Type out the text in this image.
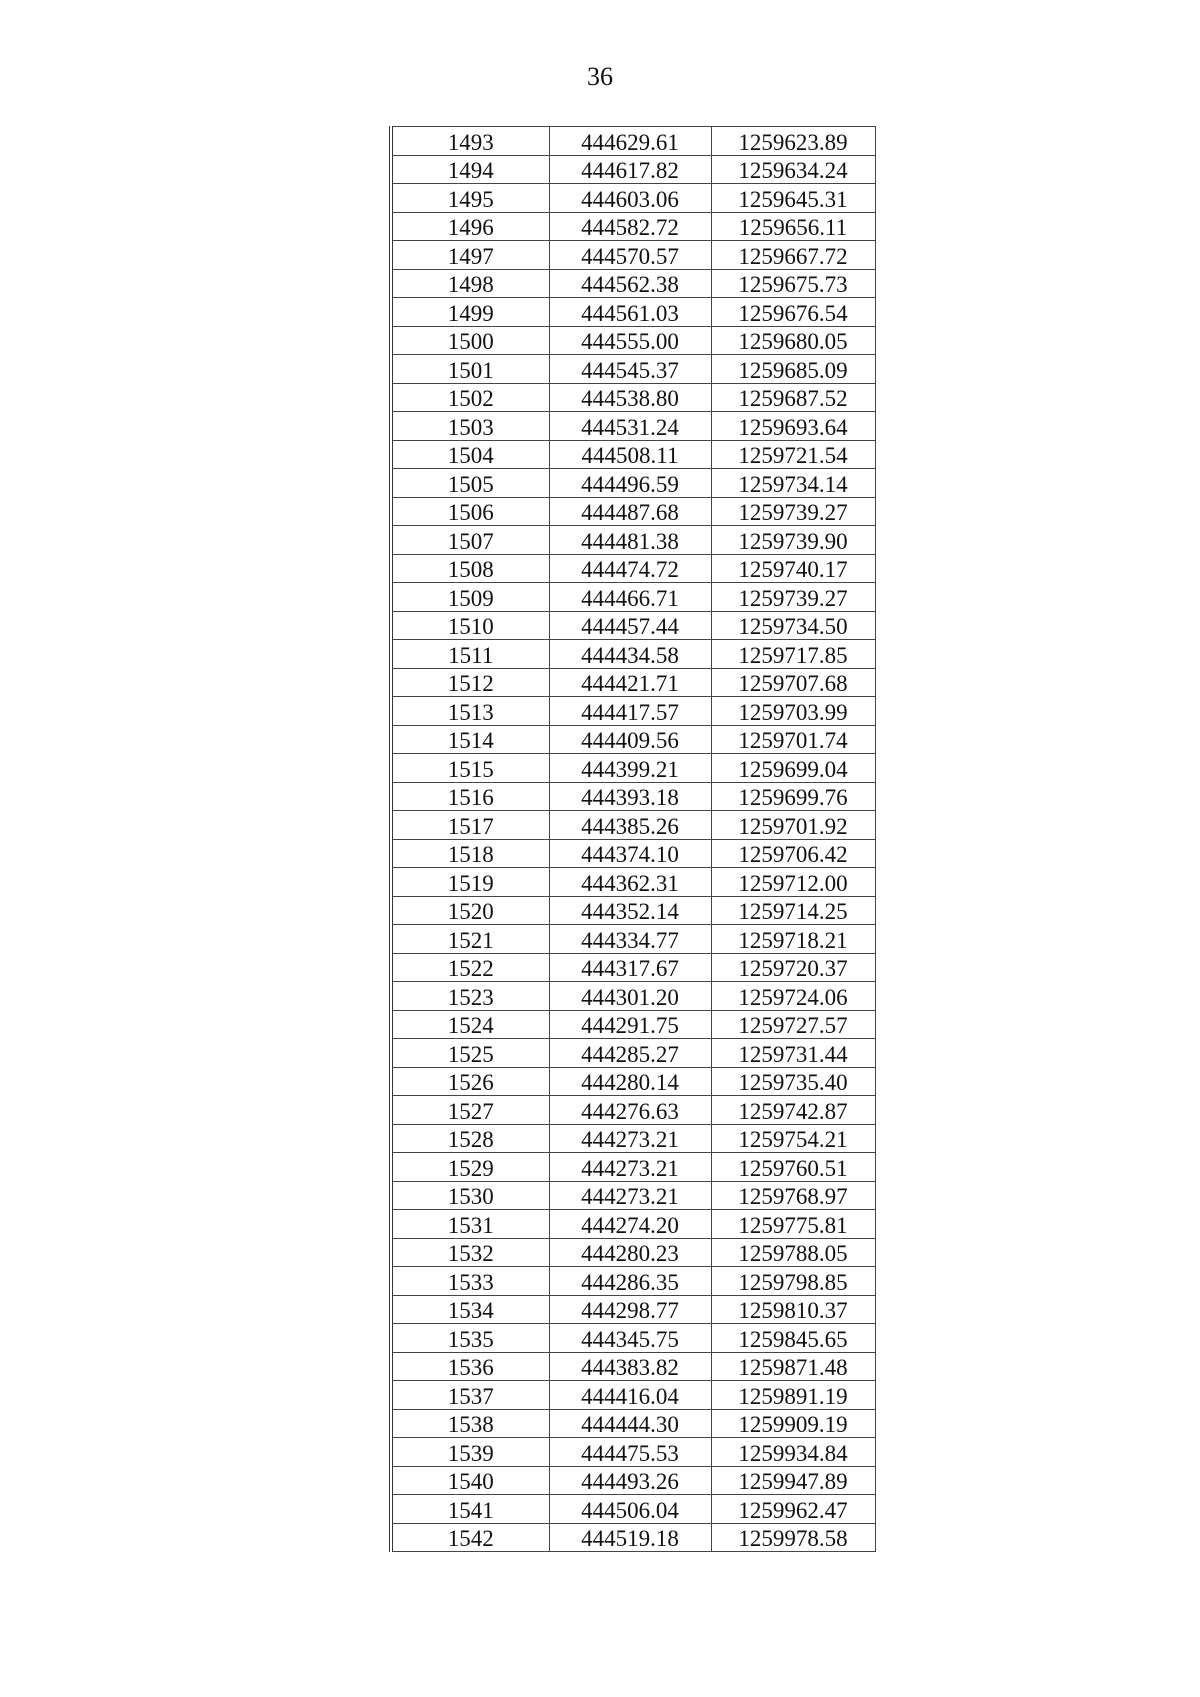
36
1493	444629.61	1259623.89
1494	444617.82	1259634.24
1495	444603.06	1259645.31
1496	444582.72	1259656.11
1497	444570.57	1259667.72
1498	444562.38	1259675.73
1499	444561.03	1259676.54
1500	444555.00	1259680.05
1501	444545.37	1259685.09
1502	444538.80	1259687.52
1503	444531.24	1259693.64
1504	444508.11	1259721.54
1505	444496.59	1259734.14
1506	444487.68	1259739.27
1507	444481.38	1259739.90
1508	444474.72	1259740.17
1509	444466.71	1259739.27
1510	444457.44	1259734.50
1511	444434.58	1259717.85
1512	444421.71	1259707.68
1513	444417.57	1259703.99
1514	444409.56	1259701.74
1515	444399.21	1259699.04
1516	444393.18	1259699.76
1517	444385.26	1259701.92
1518	444374.10	1259706.42
1519	444362.31	1259712.00
1520	444352.14	1259714.25
1521	444334.77	1259718.21
1522	444317.67	1259720.37
1523	444301.20	1259724.06
1524	444291.75	1259727.57
1525	444285.27	1259731.44
1526	444280.14	1259735.40
1527	444276.63	1259742.87
1528	444273.21	1259754.21
1529	444273.21	1259760.51
1530	444273.21	1259768.97
1531	444274.20	1259775.81
1532	444280.23	1259788.05
1533	444286.35	1259798.85
1534	444298.77	1259810.37
1535	444345.75	1259845.65
1536	444383.82	1259871.48
1537	444416.04	1259891.19
1538	444444.30	1259909.19
1539	444475.53	1259934.84
1540	444493.26	1259947.89
1541	444506.04	1259962.47
1542	444519.18	1259978.58
